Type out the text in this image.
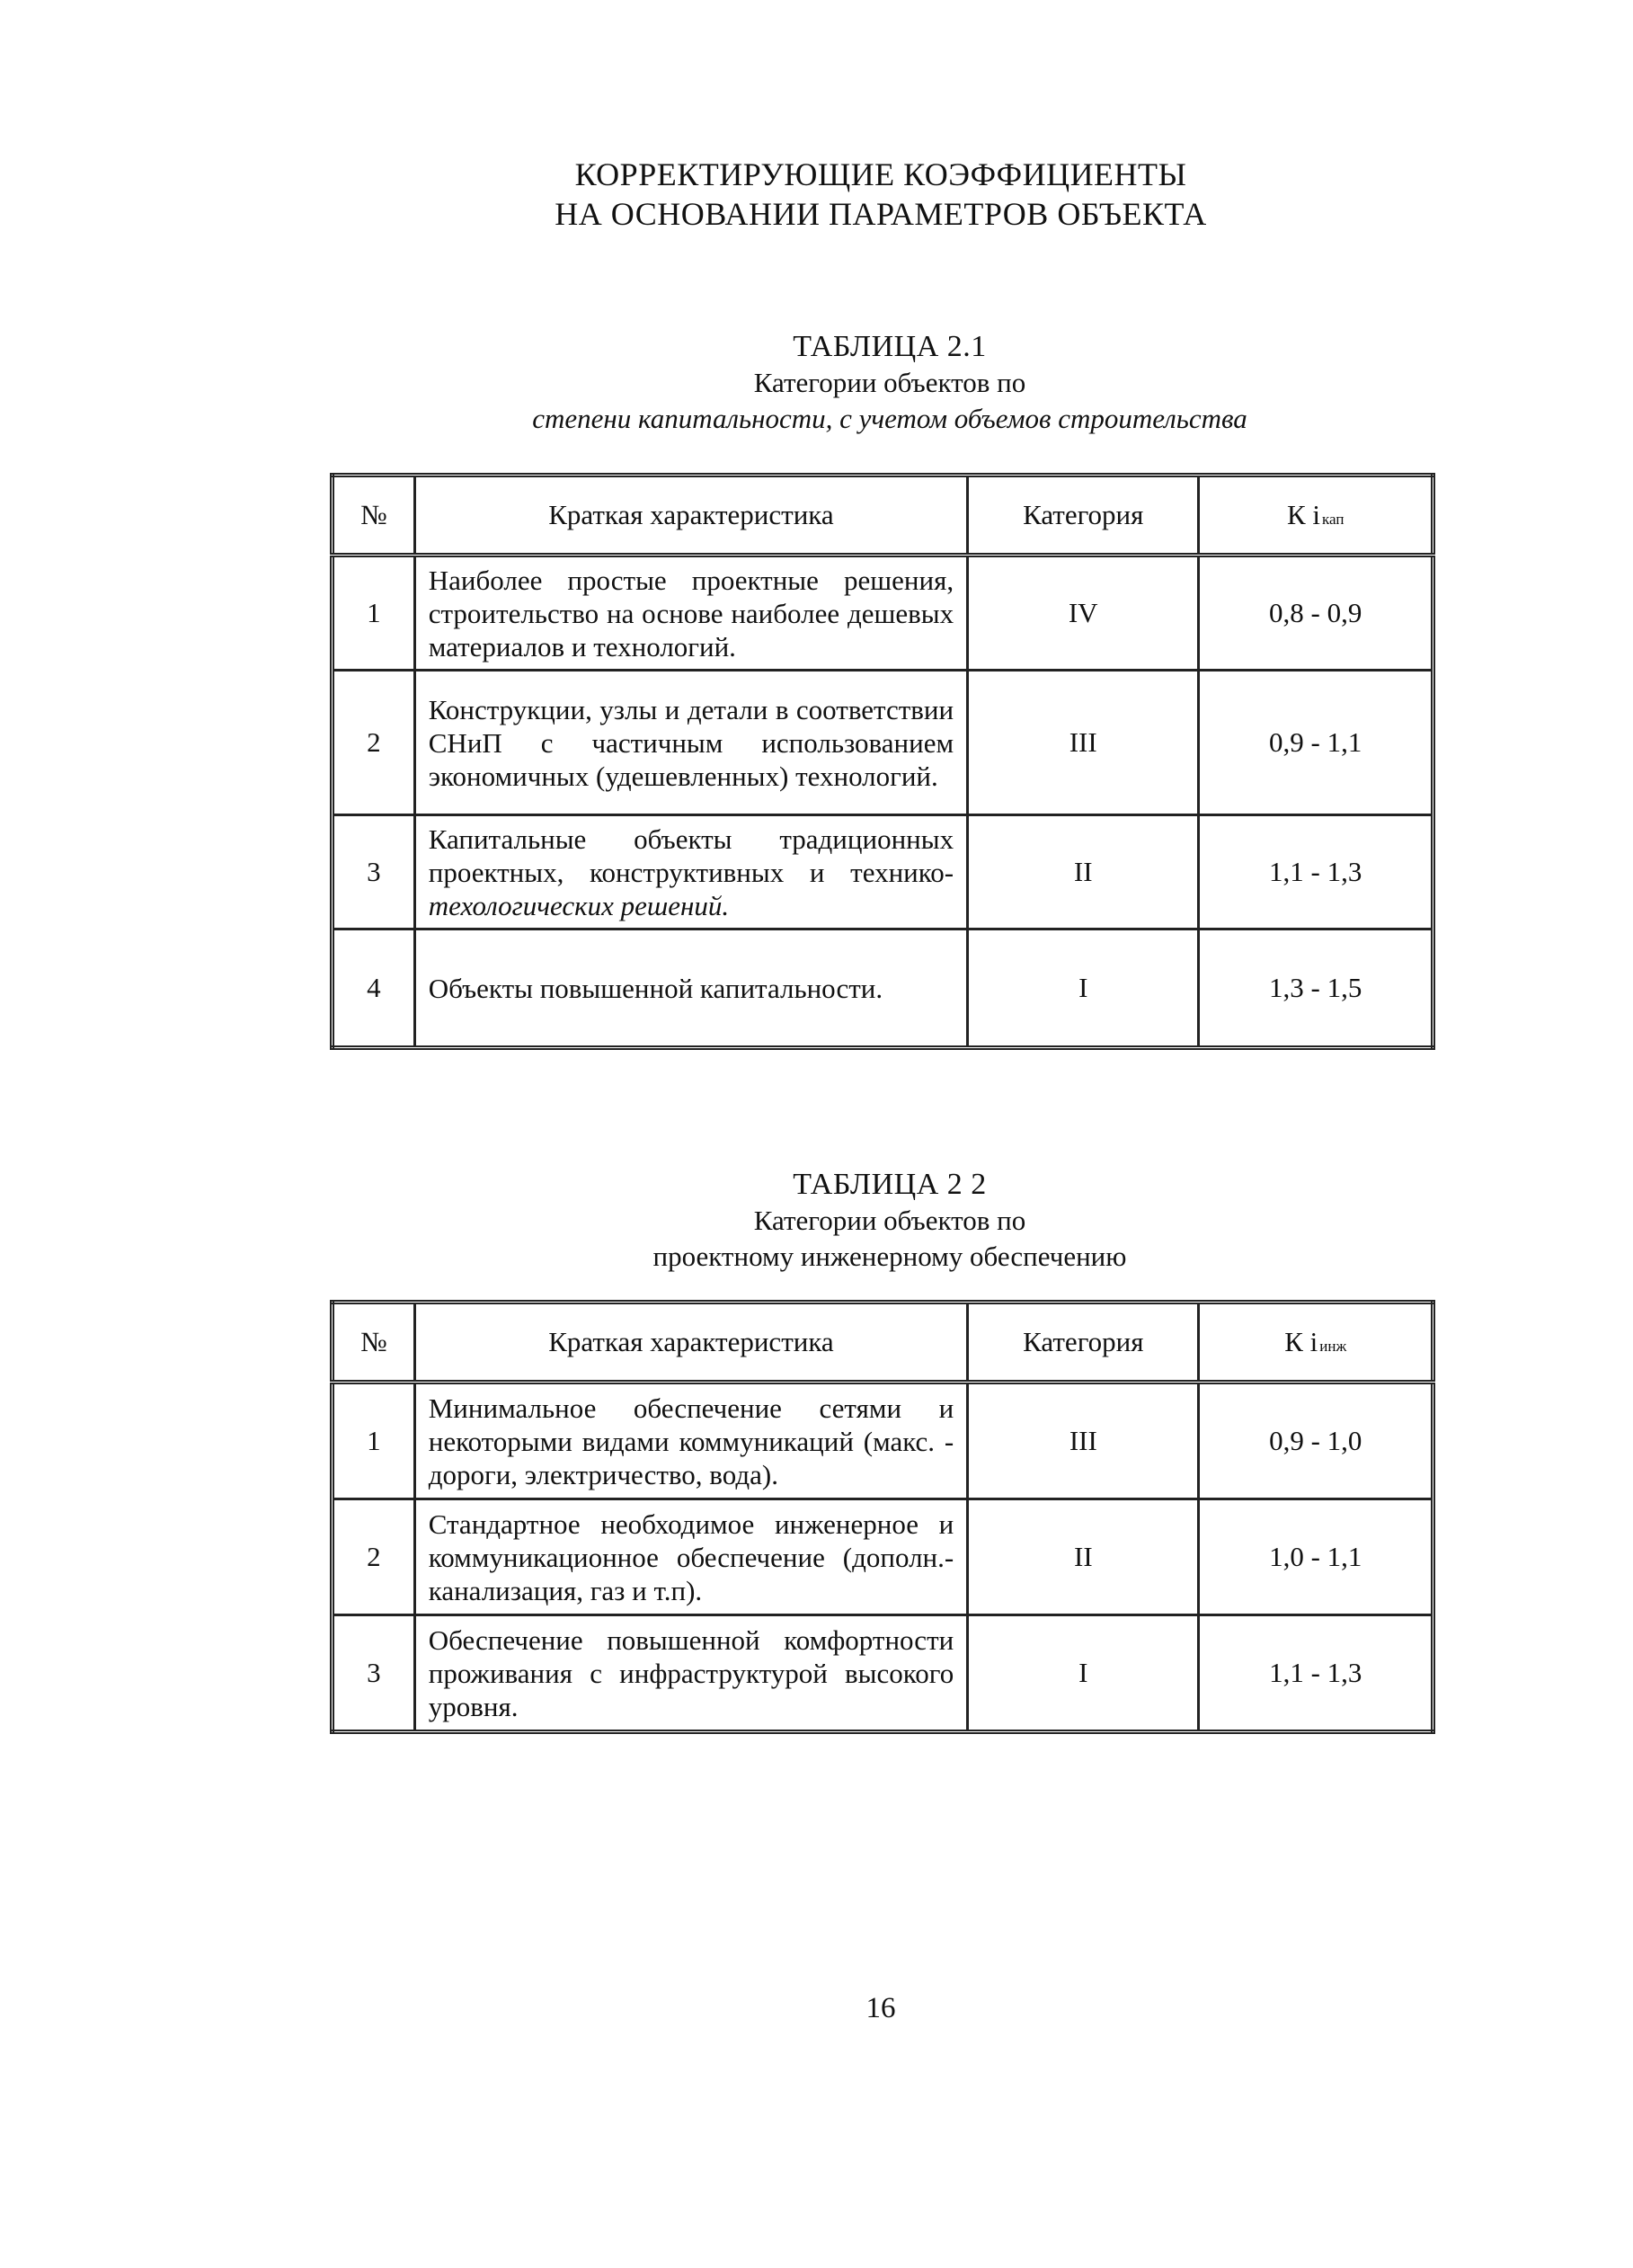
КОРРЕКТИРУЮЩИЕ КОЭФФИЦИЕНТЫ
НА ОСНОВАНИИ ПАРАМЕТРОВ ОБЪЕКТА
ТАБЛИЦА 2.1
Категории объектов по
степени капитальности, с учетом объемов строительства
№	Краткая характеристика	Категория	К i кап
1	Наиболее простые проектные решения, строительство на основе наиболее дешевых материалов и технологий.	IV	0,8 - 0,9
2	Конструкции, узлы и детали в соответствии СНиП с частичным использованием экономичных (удешевленных) технологий.	III	0,9 - 1,1
3	Капитальные объекты традиционных проектных, конструктивных и технико- техологических решений.	II	1,1 - 1,3
4	Объекты повышенной капитальности.	I	1,3 - 1,5
ТАБЛИЦА 2 2
Категории объектов по
проектному инженерному обеспечению
№	Краткая характеристика	Категория	К i инж
1	Минимальное обеспечение сетями и некоторыми видами коммуникаций (макс. - дороги, электричество, вода).	III	0,9 - 1,0
2	Стандартное необходимое инженерное и коммуникационное обеспечение (дополн.- канализация, газ и т.п).	II	1,0 - 1,1
3	Обеспечение повышенной комфортности проживания с инфраструктурой высокого уровня.	I	1,1 - 1,3
16
